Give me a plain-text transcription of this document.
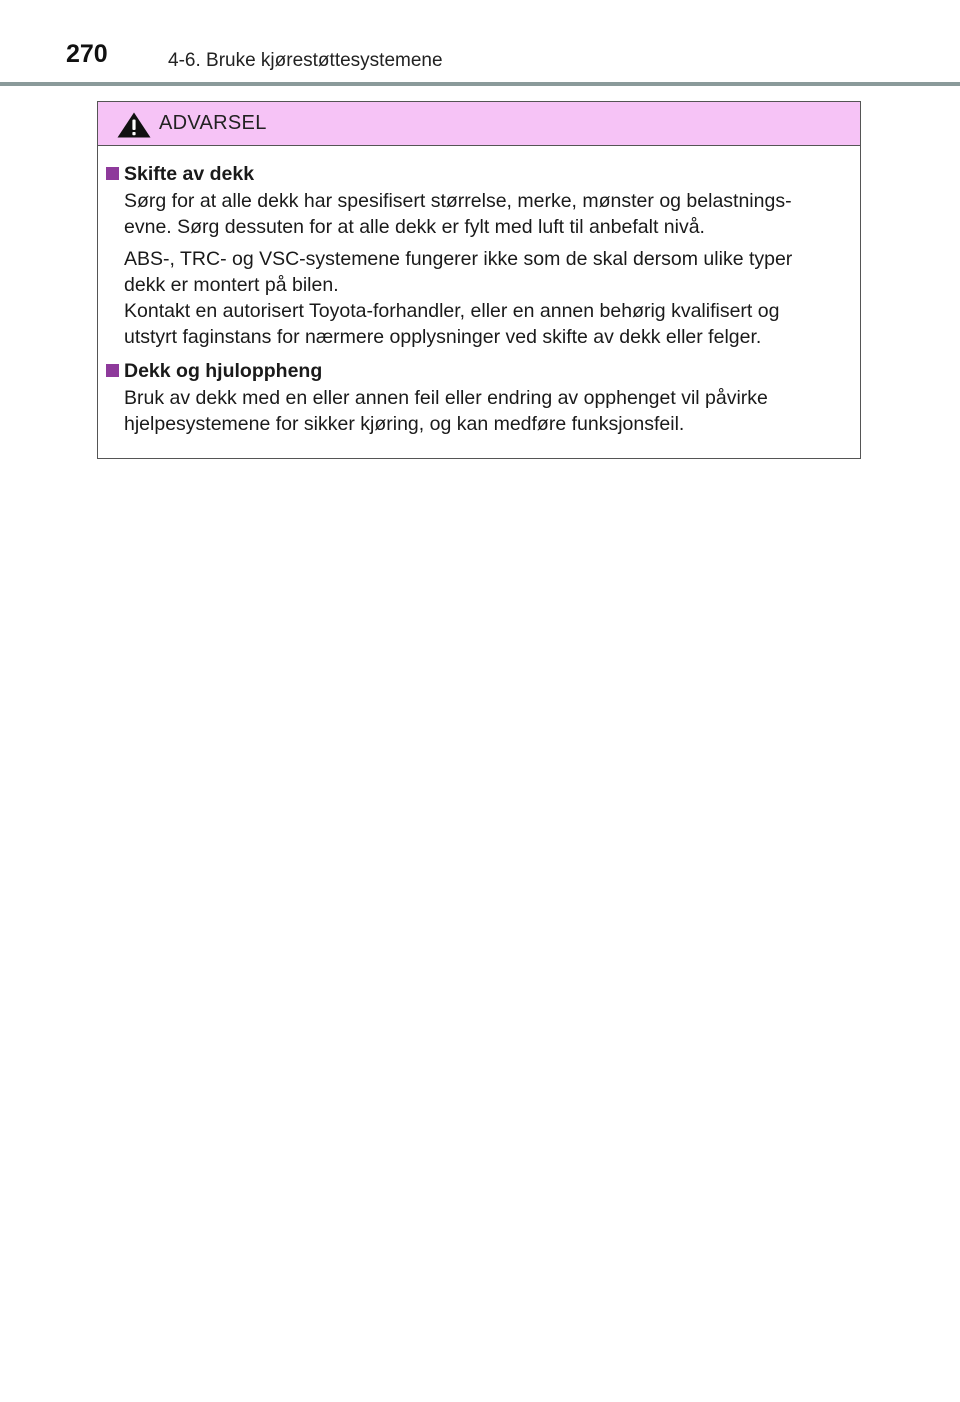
270	4-6. Bruke kjørestøttesystemene
ADVARSEL
Skifte av dekk

Sørg for at alle dekk har spesifisert størrelse, merke, mønster og belastnings-
evne. Sørg dessuten for at alle dekk er fylt med luft til anbefalt nivå.

ABS-, TRC- og VSC-systemene fungerer ikke som de skal dersom ulike typer
dekk er montert på bilen.
Kontakt en autorisert Toyota-forhandler, eller en annen behørig kvalifisert og
utstyrt faginstans for nærmere opplysninger ved skifte av dekk eller felger.

Dekk og hjuloppheng

Bruk av dekk med en eller annen feil eller endring av opphenget vil påvirke
hjelpesystemene for sikker kjøring, og kan medføre funksjonsfeil.
